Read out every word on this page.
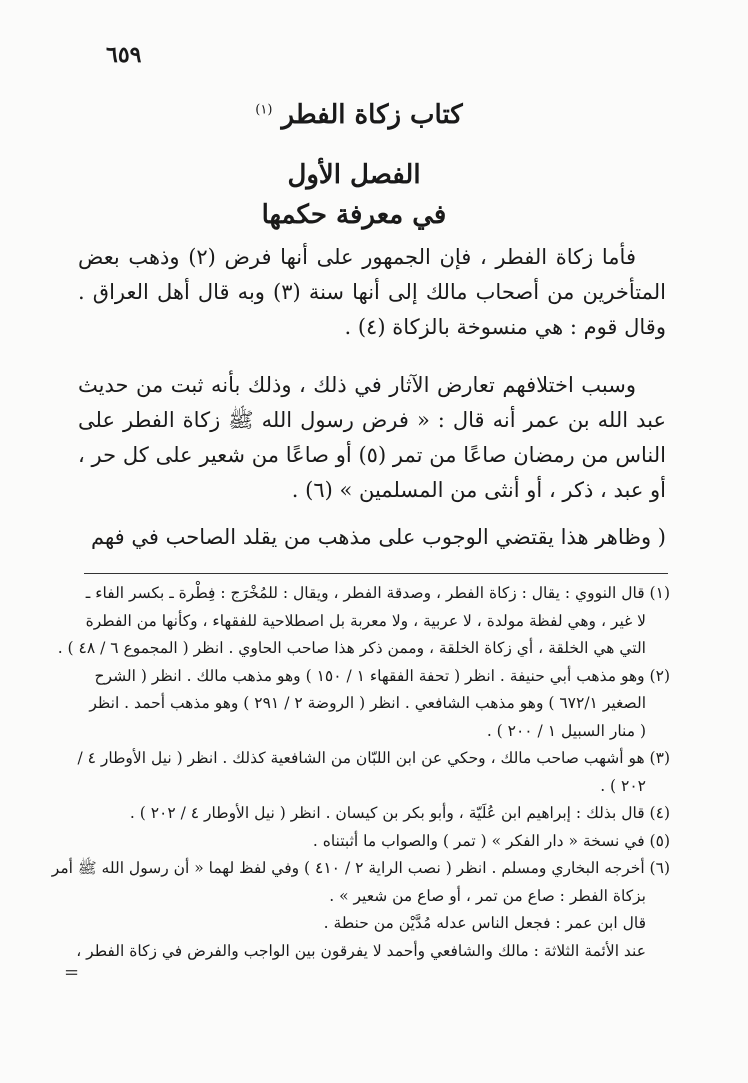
٦٥٩
كتاب زكاة الفطر $^{(١)}$
الفصل الأول
في معرفة حكمها

فأما زكاة الفطر ، فإن الجمهور على أنها فرض (٢) وذهب بعض المتأخرين من أصحاب مالك إلى أنها سنة (٣) وبه قال أهل العراق . وقال قوم : هي منسوخة بالزكاة (٤) .

وسبب اختلافهم تعارض الآثار في ذلك ، وذلك بأنه ثبت من حديث عبد الله بن عمر أنه قال : « فرض رسول الله ﷺ زكاة الفطر على الناس من رمضان صاعًا من تمر (٥) أو صاعًا من شعير على كل حر ، أو عبد ، ذكر ، أو أنثى من المسلمين » (٦) .

( وظاهر هذا يقتضي الوجوب على مذهب من يقلد الصاحب في فهم

(١) قال النووي : يقال : زكاة الفطر ، وصدقة الفطر ، ويقال : للمُخْرَج : فِطْرة ـ بكسر الفاء ـ
لا غير ، وهي لفظة مولدة ، لا عربية ، ولا معربة بل اصطلاحية للفقهاء ، وكأنها من الفطرة
التي هي الخلقة ، أي زكاة الخلقة ، وممن ذكر هذا صاحب الحاوي . انظر ( المجموع ٦ / ٤٨ ) .
(٢) وهو مذهب أبي حنيفة . انظر ( تحفة الفقهاء ١ / ١٥٠ ) وهو مذهب مالك . انظر ( الشرح
الصغير ٦٧٢/١ ) وهو مذهب الشافعي . انظر ( الروضة ٢ / ٢٩١ ) وهو مذهب أحمد . انظر
( منار السبيل ١ / ٢٠٠ ) .
(٣) هو أشهب صاحب مالك ، وحكي عن ابن اللبّان من الشافعية كذلك . انظر ( نيل الأوطار ٤ /
٢٠٢ ) .
(٤) قال بذلك : إبراهيم ابن عُلَيّة ، وأبو بكر بن كيسان . انظر ( نيل الأوطار ٤ / ٢٠٢ ) .
(٥) في نسخة « دار الفكر » ( تمر ) والصواب ما أثبتناه .
(٦) أخرجه البخاري ومسلم . انظر ( نصب الراية ٢ / ٤١٠ ) وفي لفظ لهما « أن رسول الله ﷺ أمر
بزكاة الفطر : صاع من تمر ، أو صاع من شعير » .
قال ابن عمر : فجعل الناس عدله مُدَّيْن من حنطة .
عند الأئمة الثلاثة : مالك والشافعي وأحمد لا يفرقون بين الواجب والفرض في زكاة الفطر ،
=
